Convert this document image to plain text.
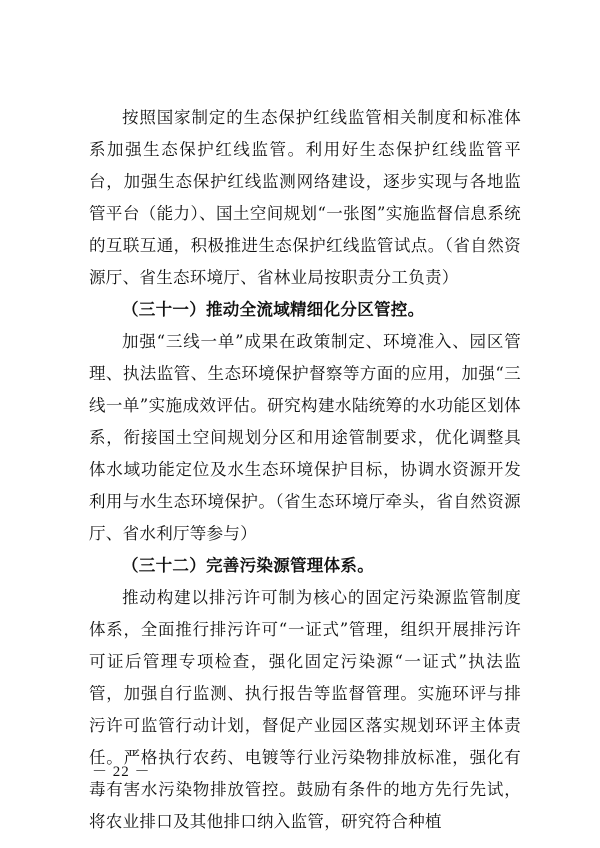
按照国家制定的生态保护红线监管相关制度和标准体系加强生态保护红线监管。利用好生态保护红线监管平台，加强生态保护红线监测网络建设，逐步实现与各地监管平台（能力）、国土空间规划“一张图”实施监督信息系统的互联互通，积极推进生态保护红线监管试点。（省自然资源厅、省生态环境厅、省林业局按职责分工负责）

（三十一）推动全流域精细化分区管控。

加强“三线一单”成果在政策制定、环境准入、园区管理、执法监管、生态环境保护督察等方面的应用，加强“三线一单”实施成效评估。研究构建水陆统筹的水功能区划体系，衔接国土空间规划分区和用途管制要求，优化调整具体水域功能定位及水生态环境保护目标，协调水资源开发利用与水生态环境保护。（省生态环境厅牵头，省自然资源厅、省水利厅等参与）

（三十二）完善污染源管理体系。

推动构建以排污许可制为核心的固定污染源监管制度体系，全面推行排污许可“一证式”管理，组织开展排污许可证后管理专项检查，强化固定污染源“一证式”执法监管，加强自行监测、执行报告等监督管理。实施环评与排污许可监管行动计划，督促产业园区落实规划环评主体责任。严格执行农药、电镀等行业污染物排放标准，强化有毒有害水污染物排放管控。鼓励有条件的地方先行先试，将农业排口及其他排口纳入监管，研究符合种植

－ 22 －
